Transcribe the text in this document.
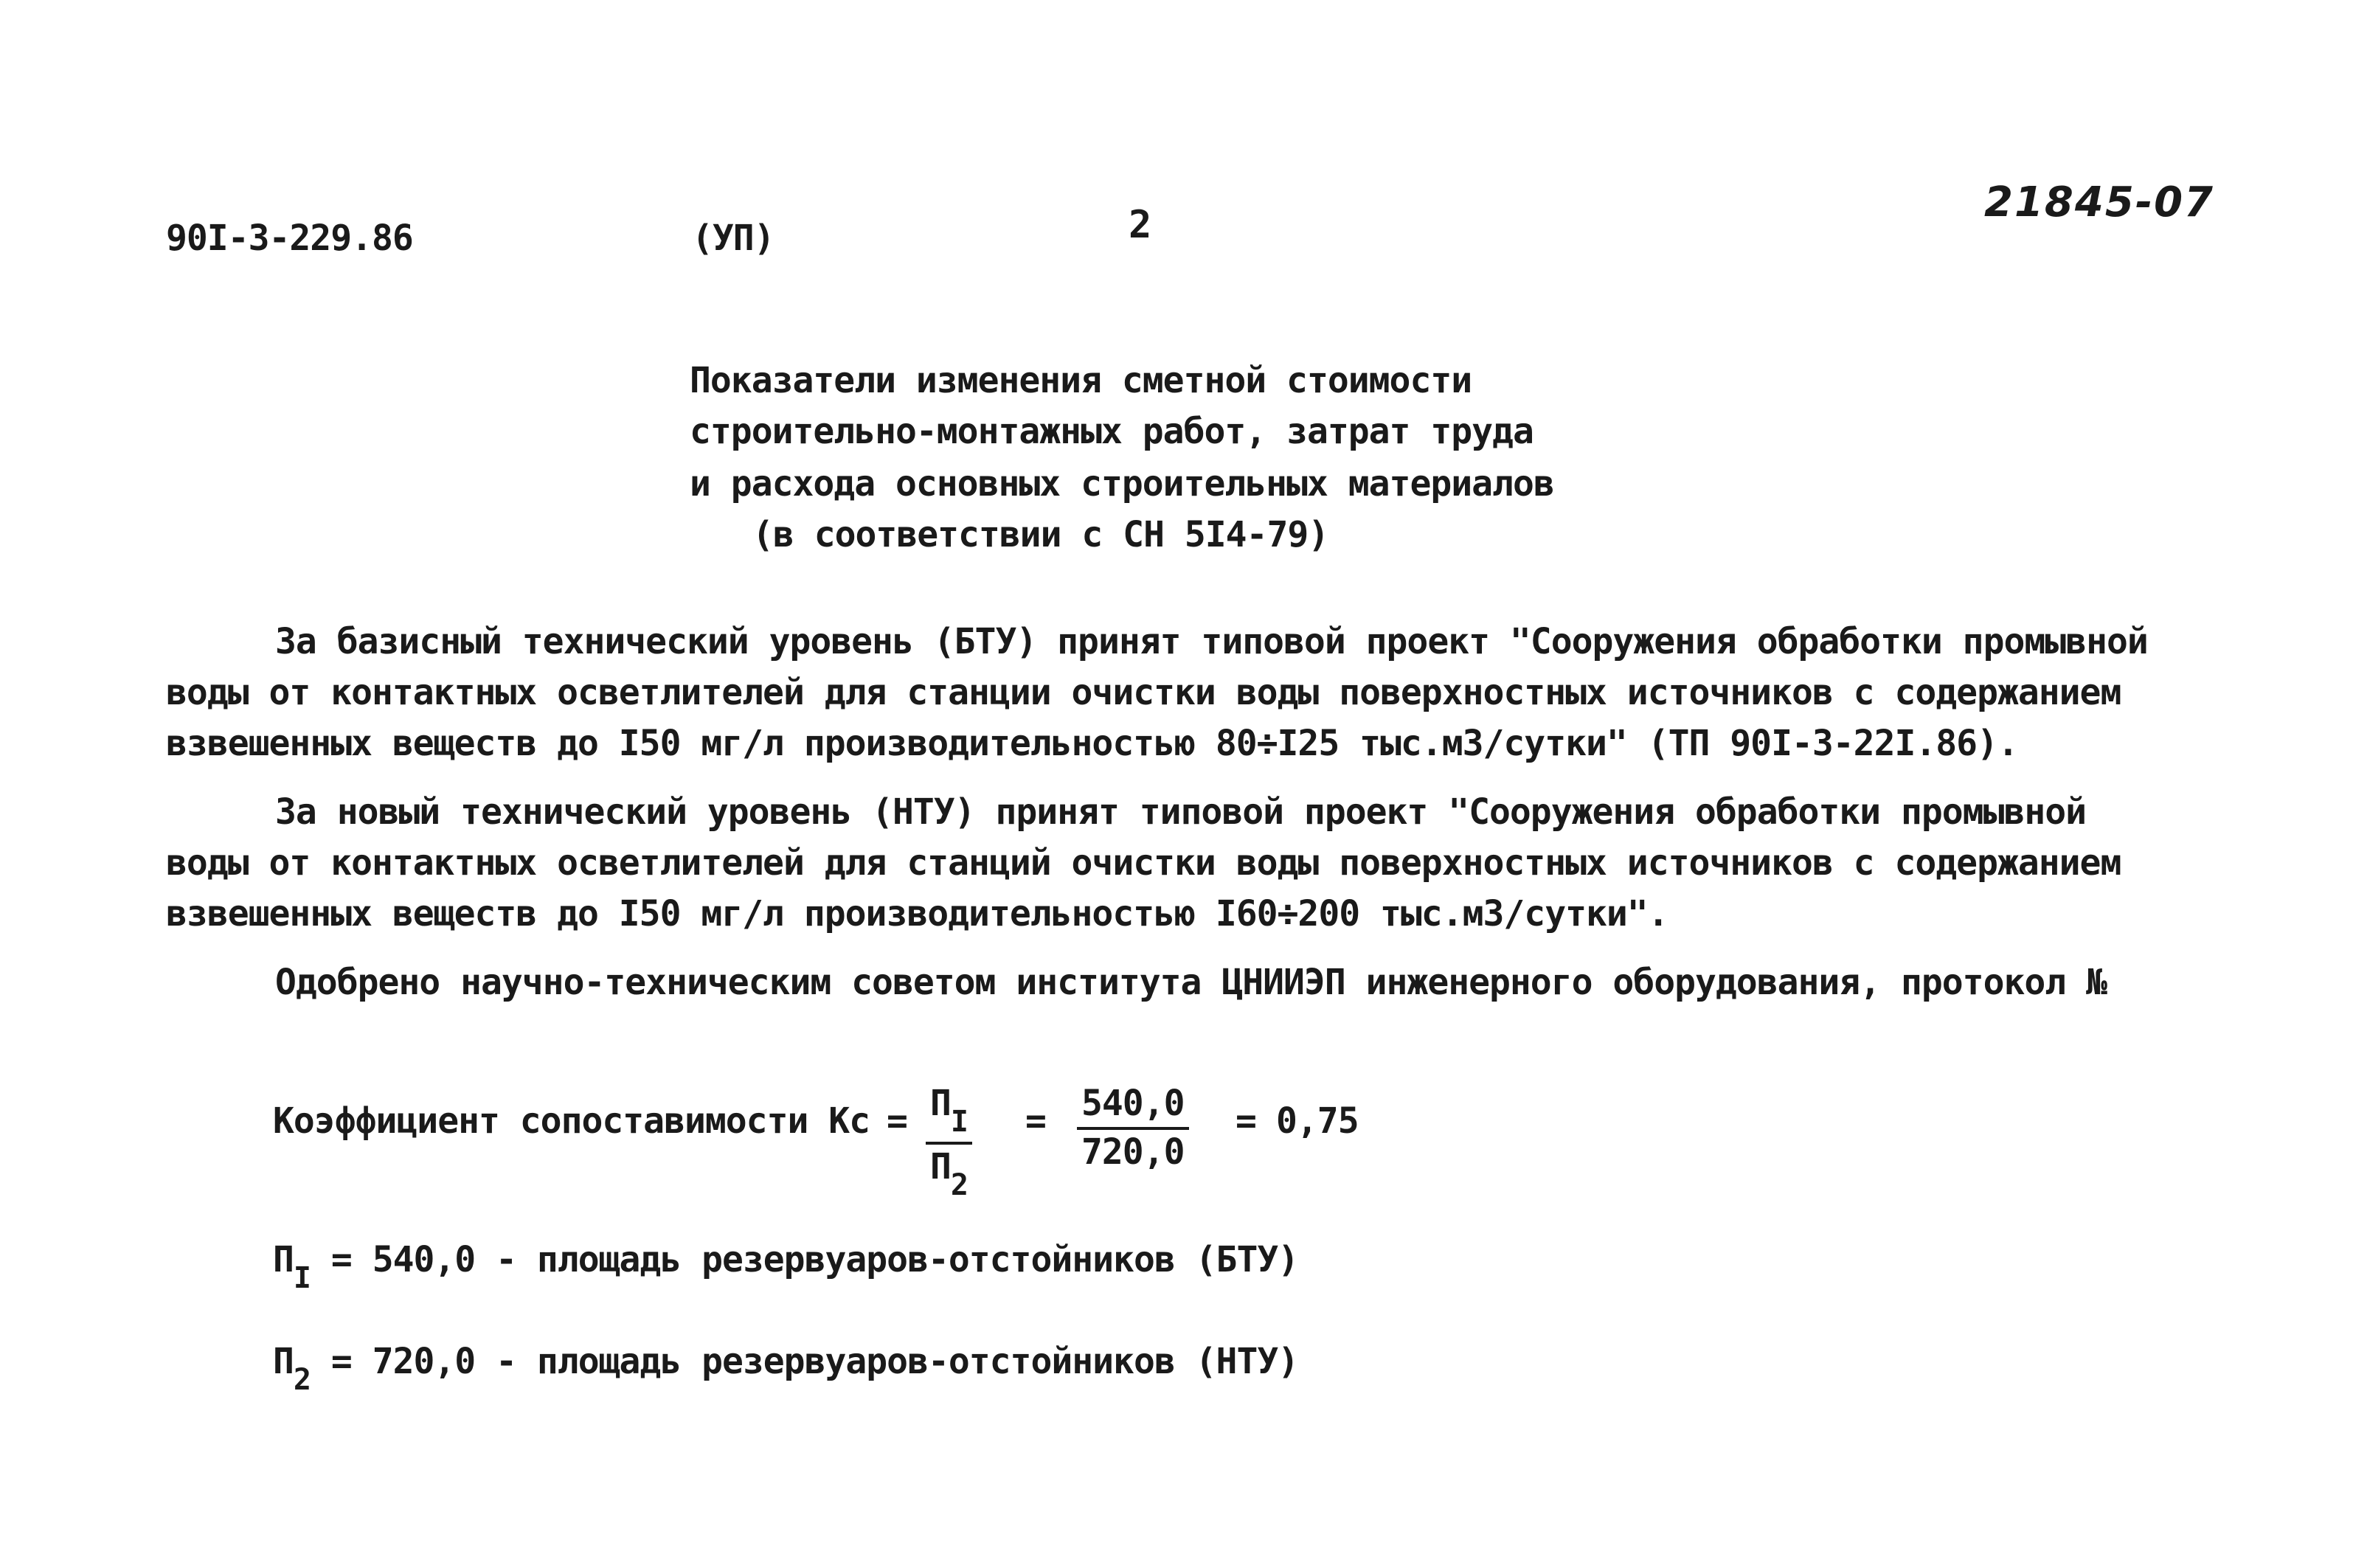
90I-3-229.86	(УП)	2	21845-07
Показатели изменения сметной стоимости
строительно-монтажных работ, затрат труда
и расхода основных строительных материалов
(в соответствии с СН 5I4-79)
За базисный технический уровень (БТУ) принят типовой проект "Сооружения обработки промывной
воды от контактных осветлителей для станции очистки воды поверхностных источников с содержанием
взвешенных веществ до I50 мг/л производительностью 80÷I25 тыс.м3/сутки" (ТП 90I-3-22I.86).
За новый технический уровень (НТУ) принят типовой проект "Сооружения обработки промывной
воды от контактных осветлителей для станций очистки воды поверхностных источников с содержанием
взвешенных веществ до I50 мг/л производительностью I60÷200 тыс.м3/сутки".
Одобрено научно-техническим советом института ЦНИИЭП инженерного оборудования, протокол №
Коэффициент сопоставимости Кс = $П_I$
$П_2$
= $\frac{540,0}{720,0} = 0,75$
$П_I = 540,0$ - площадь резервуаров-отстойников (БТУ)
$П_2 = 720,0$ - площадь резервуаров-отстойников (НТУ)
